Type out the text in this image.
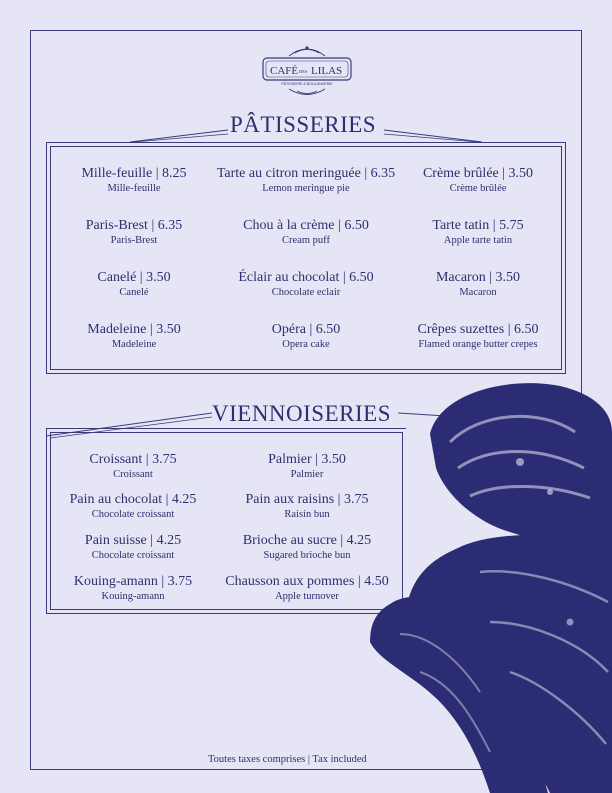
CAFÉ DES LILAS
PÂTISSERIE & BOULANGERIE
PÂTISSERIES
Mille-feuille | 8.25
Mille-feuille
Tarte au citron meringuée | 6.35
Lemon meringue pie
Crème brûlée | 3.50
Crème brûlée
Paris-Brest | 6.35
Paris-Brest
Chou à la crème | 6.50
Cream puff
Tarte tatin | 5.75
Apple tarte tatin
Canelé | 3.50
Canelé
Éclair au chocolat | 6.50
Chocolate eclair
Macaron | 3.50
Macaron
Madeleine | 3.50
Madeleine
Opéra | 6.50
Opera cake
Crêpes suzettes | 6.50
Flamed orange butter crepes
VIENNOISERIES
Croissant | 3.75
Croissant
Palmier | 3.50
Palmier
Pain au chocolat | 4.25
Chocolate croissant
Pain aux raisins | 3.75
Raisin bun
Pain suisse | 4.25
Chocolate croissant
Brioche au sucre | 4.25
Sugared brioche bun
Kouing-amann | 3.75
Kouing-amann
Chausson aux pommes | 4.50
Apple turnover
Toutes taxes comprises | Tax included
